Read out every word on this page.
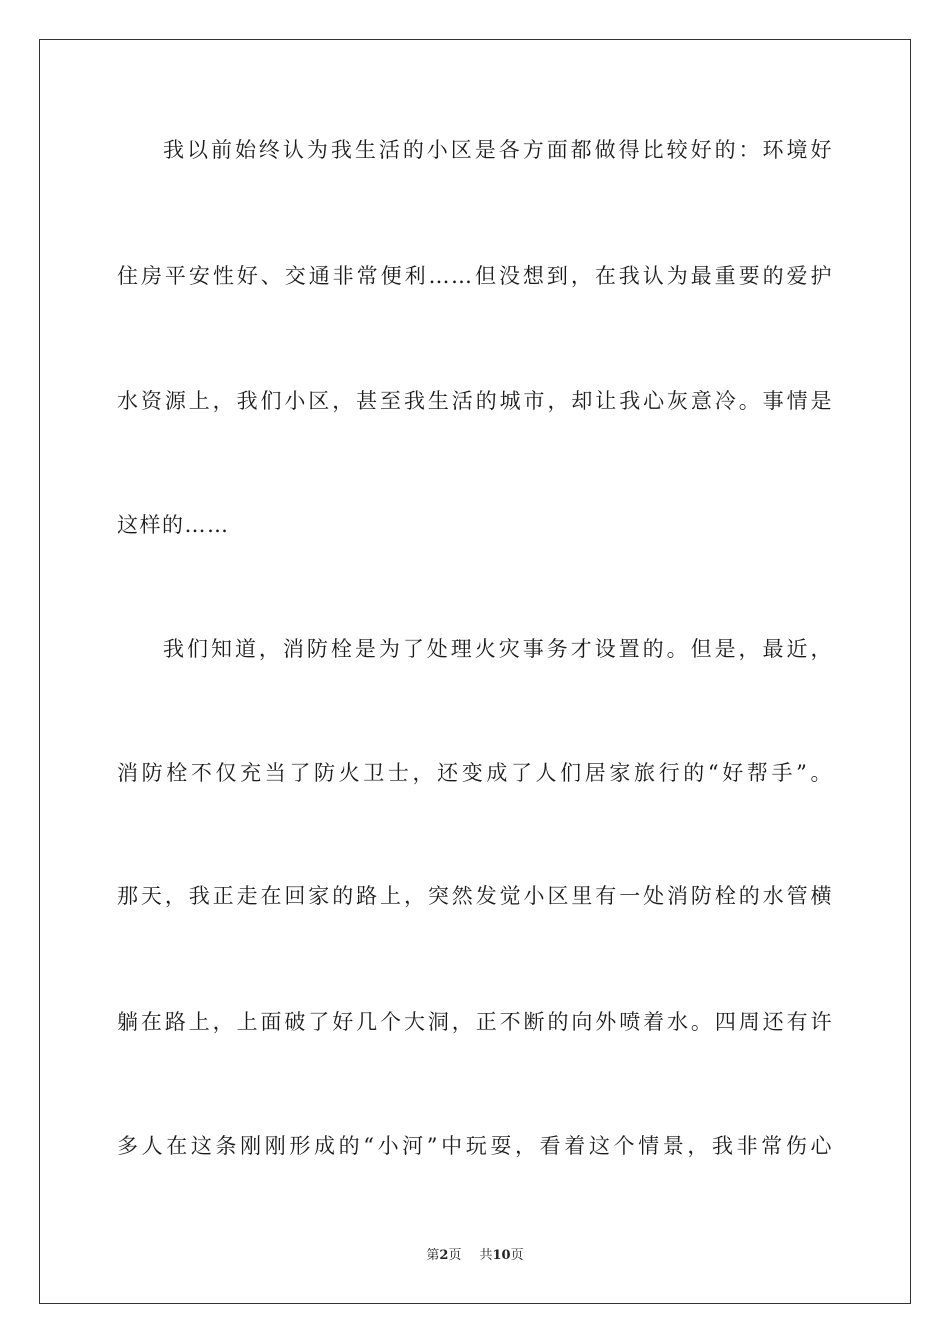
我以前始终认为我生活的小区是各方面都做得比较好的：环境好
住房平安性好、交通非常便利……但没想到，在我认为最重要的爱护
水资源上，我们小区，甚至我生活的城市，却让我心灰意冷。事情是
这样的……
我们知道，消防栓是为了处理火灾事务才设置的。但是，最近，
消防栓不仅充当了防火卫士，还变成了人们居家旅行的“好帮手”。
那天，我正走在回家的路上，突然发觉小区里有一处消防栓的水管横
躺在路上，上面破了好几个大洞，正不断的向外喷着水。四周还有许
多人在这条刚刚形成的“小河”中玩耍，看着这个情景，我非常伤心
第2页 共10页
